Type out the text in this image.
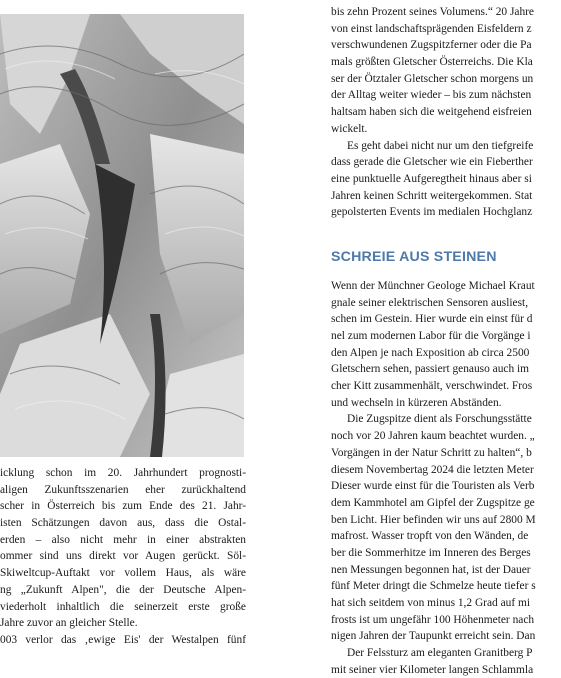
icklung schon im 20. Jahrhundert prognosti-
aligen Zukunftsszenarien eher zurückhaltend
scher in Österreich bis zum Ende des 21. Jahr-
isten Schätzungen davon aus, dass die Ostal-
erden – also nicht mehr in einer abstrakten
ommer sind uns direkt vor Augen gerückt. Söl-
Skiweltcup-Auftakt vor vollem Haus, als wäre
ng „Zukunft Alpen", die der Deutsche Alpen-
viederholt inhaltlich die seinerzeit erste große
Jahre zuvor an gleicher Stelle.
003 verlor das ‚ewige Eis' der Westalpen fünf
bis zehn Prozent seines Volumens.“ 20 Jahre
von einst landschaftsprägenden Eisfeldern z
verschwundenen Zugspitzferner oder die Pa
mals größten Gletscher Österreichs. Die Kla
ser der Ötztaler Gletscher schon morgens un
der Alltag weiter wieder – bis zum nächsten
haltsam haben sich die weitgehend eisfreien
wickelt.
Es geht dabei nicht nur um den tiefgreife
dass gerade die Gletscher wie ein Fieberther
eine punktuelle Aufgeregtheit hinaus aber si
Jahren keinen Schritt weitergekommen. Stat
gepolsterten Events im medialen Hochglanz
SCHREIE AUS STEINEN
Wenn der Münchner Geologe Michael Kraut
gnale seiner elektrischen Sensoren ausliest,
schen im Gestein. Hier wurde ein einst für d
nel zum modernen Labor für die Vorgänge i
den Alpen je nach Exposition ab circa 2500
Gletschern sehen, passiert genauso auch im
cher Kitt zusammenhält, verschwindet. Fros
und wechseln in kürzeren Abständen.
Die Zugspitze dient als Forschungsstätte
noch vor 20 Jahren kaum beachtet wurden. „
Vorgängen in der Natur Schritt zu halten“, b
diesem Novembertag 2024 die letzten Meter
Dieser wurde einst für die Touristen als Verb
dem Kammhotel am Gipfel der Zugspitze ge
ben Licht. Hier befinden wir uns auf 2800 M
mafrost. Wasser tropft von den Wänden, de
ber die Sommerhitze im Inneren des Berges
nen Messungen begonnen hat, ist der Dauer
fünf Meter dringt die Schmelze heute tiefer s
hat sich seitdem von minus 1,2 Grad auf mi
frosts ist um ungefähr 100 Höhenmeter nach
nigen Jahren der Taupunkt erreicht sein. Dan
Der Felssturz am eleganten Granitberg P
mit seiner vier Kilometer langen Schlammla
